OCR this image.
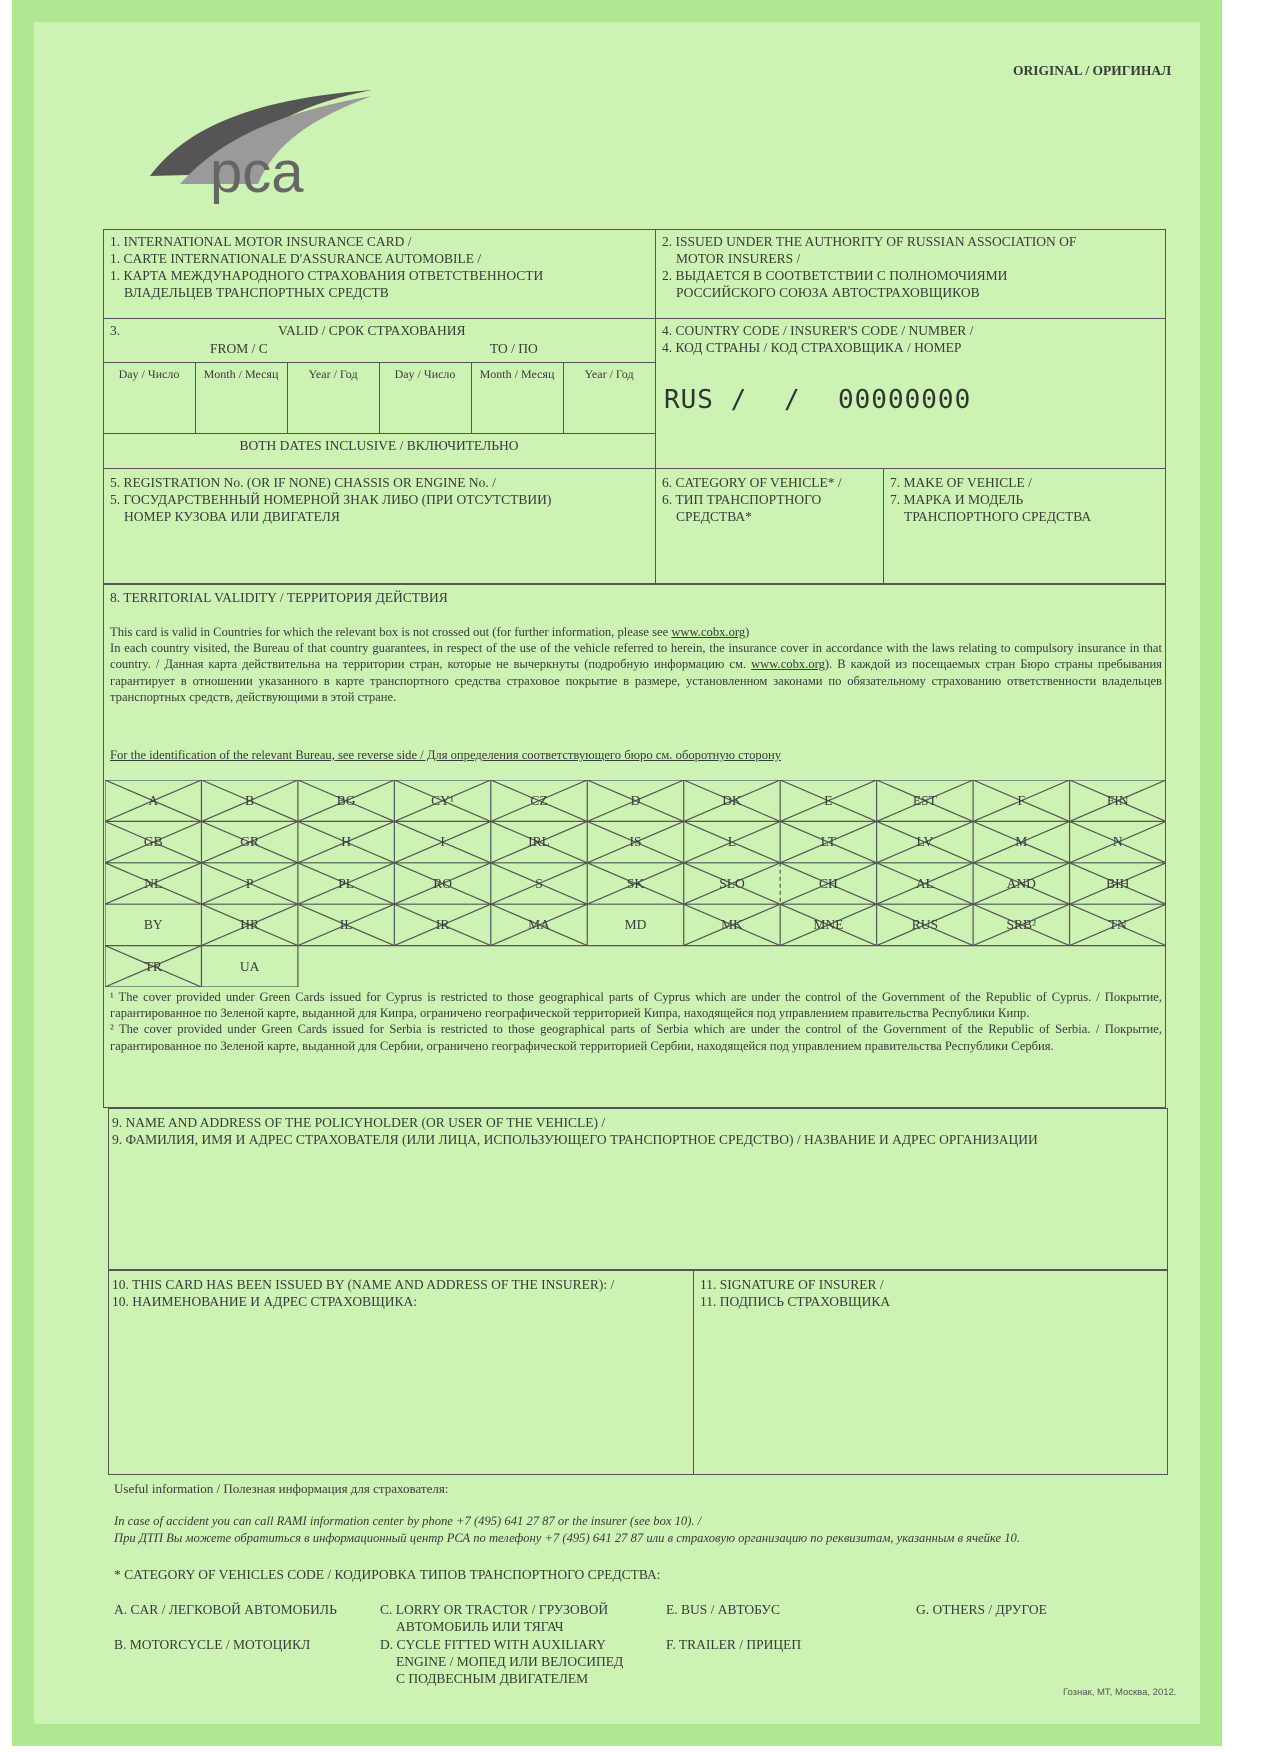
ORIGINAL / ОРИГИНАЛ
pca
1. INTERNATIONAL MOTOR INSURANCE CARD /
1. CARTE INTERNATIONALE D'ASSURANCE AUTOMOBILE /
1. КАРТА МЕЖДУНАРОДНОГО СТРАХОВАНИЯ ОТВЕТСТВЕННОСТИ
ВЛАДЕЛЬЦЕВ ТРАНСПОРТНЫХ СРЕДСТВ
2. ISSUED UNDER THE AUTHORITY OF RUSSIAN ASSOCIATION OF
MOTOR INSURERS /
2. ВЫДАЕТСЯ В СООТВЕТСТВИИ С ПОЛНОМОЧИЯМИ
РОССИЙСКОГО СОЮЗА АВТОСТРАХОВЩИКОВ
3.	VALID / СРОК СТРАХОВАНИЯ
FROM / С	TO / ПО
Day / Число	Month / Месяц	Year / Год	Day / Число	Month / Месяц	Year / Год
BOTH DATES INCLUSIVE / ВКЛЮЧИТЕЛЬНО
4. COUNTRY CODE / INSURER'S CODE / NUMBER /
4. КОД СТРАНЫ / КОД СТРАХОВЩИКА / НОМЕР
RUS / / 00000000
5. REGISTRATION No. (OR IF NONE) CHASSIS OR ENGINE No. /
5. ГОСУДАРСТВЕННЫЙ НОМЕРНОЙ ЗНАК ЛИБО (ПРИ ОТСУТСТВИИ)
НОМЕР КУЗОВА ИЛИ ДВИГАТЕЛЯ
6. CATEGORY OF VEHICLE* /
6. ТИП ТРАНСПОРТНОГО
СРЕДСТВА*
7. MAKE OF VEHICLE /
7. МАРКА И МОДЕЛЬ
ТРАНСПОРТНОГО СРЕДСТВА
8. TERRITORIAL VALIDITY / ТЕРРИТОРИЯ ДЕЙСТВИЯ
This card is valid in Countries for which the relevant box is not crossed out (for further information, please see www.cobx.org)
In each country visited, the Bureau of that country guarantees, in respect of the use of the vehicle referred to herein, the insurance cover in accordance with the laws relating to compulsory insurance in that country. / Данная карта действительна на территории стран, которые не вычеркнуты (подробную информацию см. www.cobx.org). В каждой из посещаемых стран Бюро страны пребывания гарантирует в отношении указанного в карте транспортного средства страховое покрытие в размере, установленном законами по обязательному страхованию ответственности владельцев транспортных средств, действующими в этой стране.
For the identification of the relevant Bureau, see reverse side / Для определения соответствующего бюро см. оборотную сторону
A	B	BG	CY¹	CZ	D	DK	E	EST	F	FIN
GB	GR	H	I	IRL	IS	L	LT	LV	M	N
NL	P	PL	RO	S	SK	SLO	CH	AL	AND	BIH
BY	HR	IL	IR	MA	MD	MK	MNE	RUS	SRB²	TN
TR	UA
¹ The cover provided under Green Cards issued for Cyprus is restricted to those geographical parts of Cyprus which are under the control of the Government of the Republic of Cyprus. / Покрытие, гарантированное по Зеленой карте, выданной для Кипра, ограничено географической территорией Кипра, находящейся под управлением правительства Республики Кипр.
² The cover provided under Green Cards issued for Serbia is restricted to those geographical parts of Serbia which are under the control of the Government of the Republic of Serbia. / Покрытие, гарантированное по Зеленой карте, выданной для Сербии, ограничено географической территорией Сербии, находящейся под управлением правительства Республики Сербия.
9. NAME AND ADDRESS OF THE POLICYHOLDER (OR USER OF THE VEHICLE) /
9. ФАМИЛИЯ, ИМЯ И АДРЕС СТРАХОВАТЕЛЯ (ИЛИ ЛИЦА, ИСПОЛЬЗУЮЩЕГО ТРАНСПОРТНОЕ СРЕДСТВО) / НАЗВАНИЕ И АДРЕС ОРГАНИЗАЦИИ
10. THIS CARD HAS BEEN ISSUED BY (NAME AND ADDRESS OF THE INSURER): /
10. НАИМЕНОВАНИЕ И АДРЕС СТРАХОВЩИКА:
11. SIGNATURE OF INSURER /
11. ПОДПИСЬ СТРАХОВЩИКА
Useful information / Полезная информация для страхователя:
In case of accident you can call RAMI information center by phone +7 (495) 641 27 87 or the insurer (see box 10). /
При ДТП Вы можете обратиться в информационный центр РСА по телефону +7 (495) 641 27 87 или в страховую организацию по реквизитам, указанным в ячейке 10.
* CATEGORY OF VEHICLES CODE / КОДИРОВКА ТИПОВ ТРАНСПОРТНОГО СРЕДСТВА:
A. CAR / ЛЕГКОВОЙ АВТОМОБИЛЬ
B. MOTORCYCLE / МОТОЦИКЛ
C. LORRY OR TRACTOR / ГРУЗОВОЙ
АВТОМОБИЛЬ ИЛИ ТЯГАЧ
D. CYCLE FITTED WITH AUXILIARY
ENGINE / МОПЕД ИЛИ ВЕЛОСИПЕД
С ПОДВЕСНЫМ ДВИГАТЕЛЕМ
E. BUS / АВТОБУС
F. TRAILER / ПРИЦЕП
G. OTHERS / ДРУГОЕ
Гознак, МТ, Москва, 2012.
